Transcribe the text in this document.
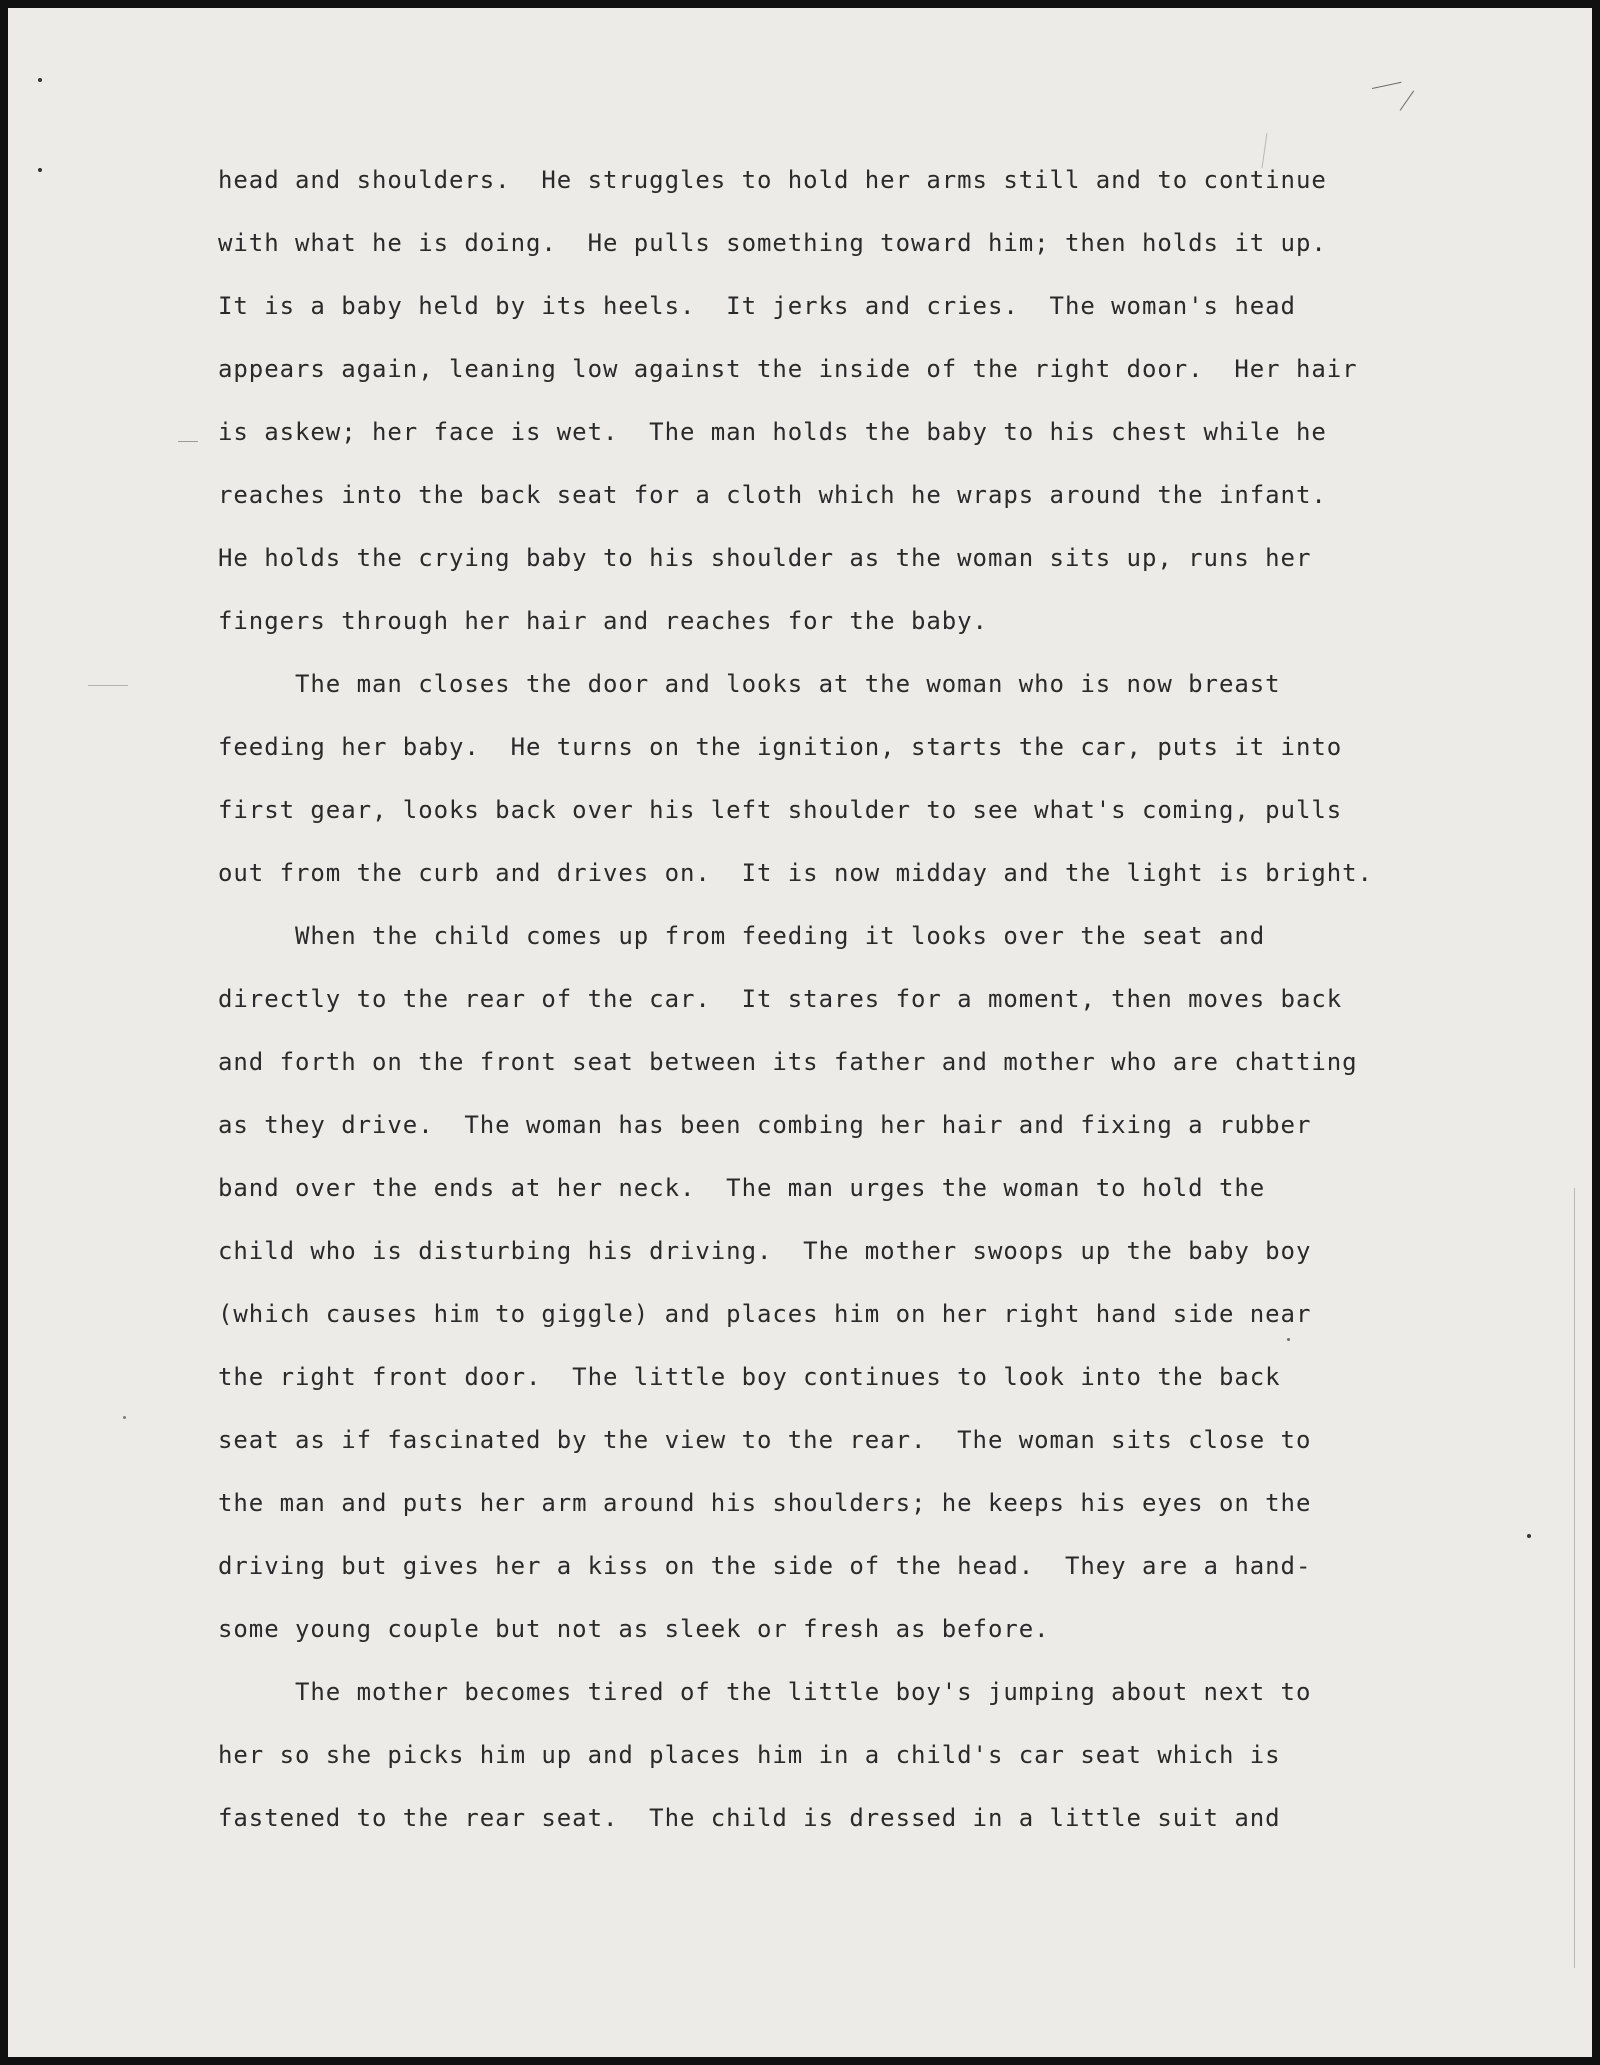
head and shoulders.  He struggles to hold her arms still and to continue

with what he is doing.  He pulls something toward him; then holds it up.

It is a baby held by its heels.  It jerks and cries.  The woman's head

appears again, leaning low against the inside of the right door.  Her hair

is askew; her face is wet.  The man holds the baby to his chest while he

reaches into the back seat for a cloth which he wraps around the infant.

He holds the crying baby to his shoulder as the woman sits up, runs her

fingers through her hair and reaches for the baby.

The man closes the door and looks at the woman who is now breast

feeding her baby.  He turns on the ignition, starts the car, puts it into

first gear, looks back over his left shoulder to see what's coming, pulls

out from the curb and drives on.  It is now midday and the light is bright.

When the child comes up from feeding it looks over the seat and

directly to the rear of the car.  It stares for a moment, then moves back

and forth on the front seat between its father and mother who are chatting

as they drive.  The woman has been combing her hair and fixing a rubber

band over the ends at her neck.  The man urges the woman to hold the

child who is disturbing his driving.  The mother swoops up the baby boy

(which causes him to giggle) and places him on her right hand side near

the right front door.  The little boy continues to look into the back

seat as if fascinated by the view to the rear.  The woman sits close to

the man and puts her arm around his shoulders; he keeps his eyes on the

driving but gives her a kiss on the side of the head.  They are a hand-

some young couple but not as sleek or fresh as before.

The mother becomes tired of the little boy's jumping about next to

her so she picks him up and places him in a child's car seat which is

fastened to the rear seat.  The child is dressed in a little suit and
